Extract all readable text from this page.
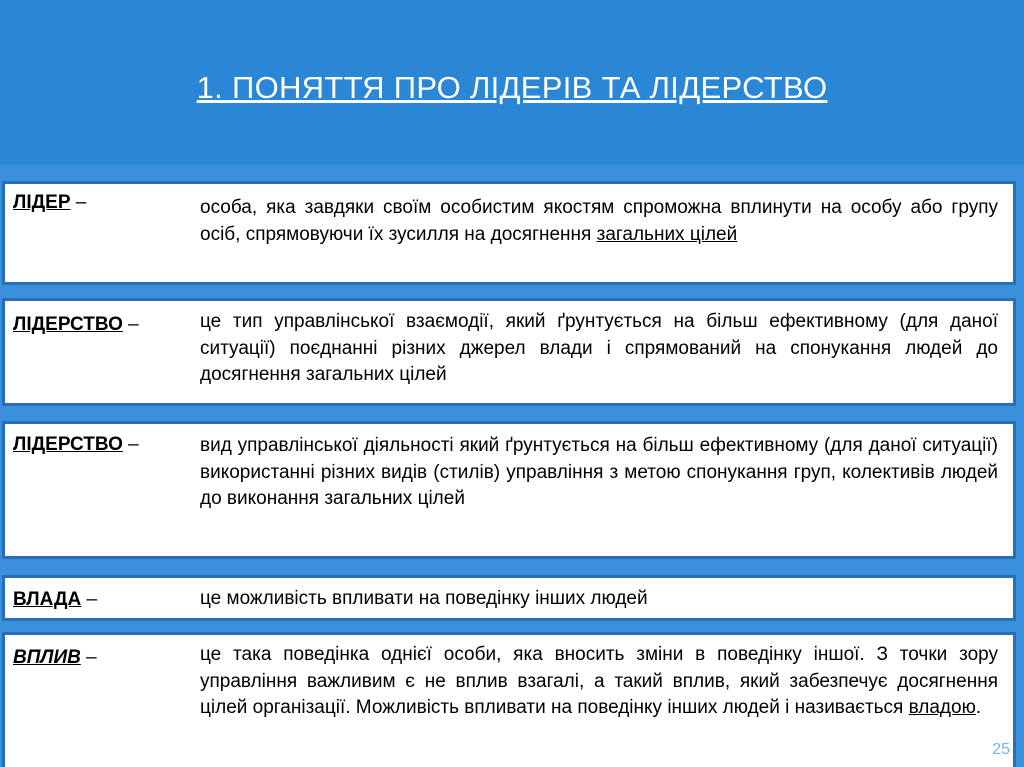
1. ПОНЯТТЯ ПРО ЛІДЕРІВ ТА ЛІДЕРСТВО
ЛІДЕР –	особа, яка завдяки своїм особистим якостям спроможна вплинути на особу або групу осіб, спрямовуючи їх зусилля на досягнення загальних цілей
ЛІДЕРСТВО –	це тип управлінської взаємодії, який ґрунтується на більш ефективному (для даної ситуації) поєднанні різних джерел влади і спрямований на спонукання людей до досягнення загальних цілей
ЛІДЕРСТВО –	вид управлінської діяльності який ґрунтується на більш ефективному (для даної ситуації) використанні різних видів (стилів) управління з метою спонукання груп, колективів людей до виконання загальних цілей
ВЛАДА –	це можливість впливати на поведінку інших людей
ВПЛИВ –	це така поведінка однієї особи, яка вносить зміни в поведінку іншої. З точки зору управління важливим є не вплив взагалі, а такий вплив, який забезпечує досягнення цілей організації. Можливість впливати на поведінку інших людей і називається владою.
25
